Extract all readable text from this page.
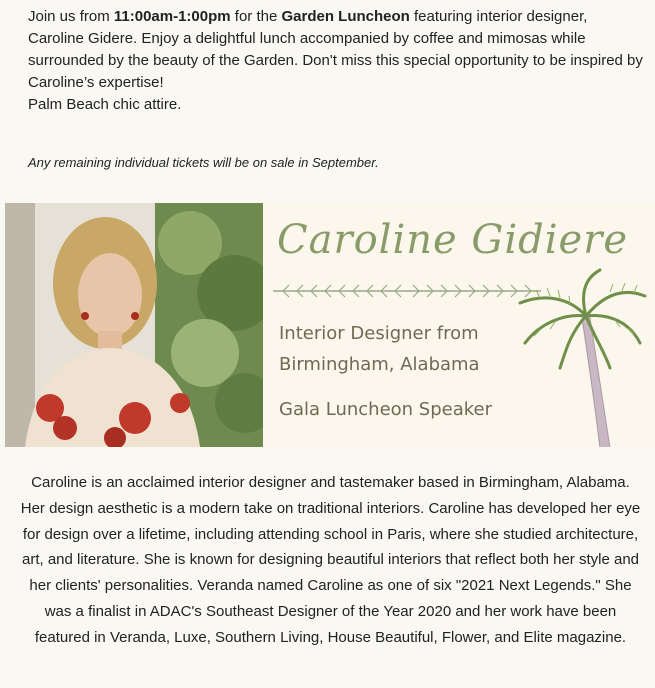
Join us from 11:00am-1:00pm for the Garden Luncheon featuring interior designer, Caroline Gidere. Enjoy a delightful lunch accompanied by coffee and mimosas while surrounded by the beauty of the Garden. Don't miss this special opportunity to be inspired by Caroline’s expertise!

Palm Beach chic attire.

Any remaining individual tickets will be on sale in September.
Caroline Gidiere
Interior Designer from
Birmingham, Alabama
Gala Luncheon Speaker
Caroline is an acclaimed interior designer and tastemaker based in Birmingham, Alabama. Her design aesthetic is a modern take on traditional interiors. Caroline has developed her eye for design over a lifetime, including attending school in Paris, where she studied architecture, art, and literature. She is known for designing beautiful interiors that reflect both her style and her clients' personalities. Veranda named Caroline as one of six "2021 Next Legends." She was a finalist in ADAC's Southeast Designer of the Year 2020 and her work have been featured in Veranda, Luxe, Southern Living, House Beautiful, Flower, and Elite magazine.
